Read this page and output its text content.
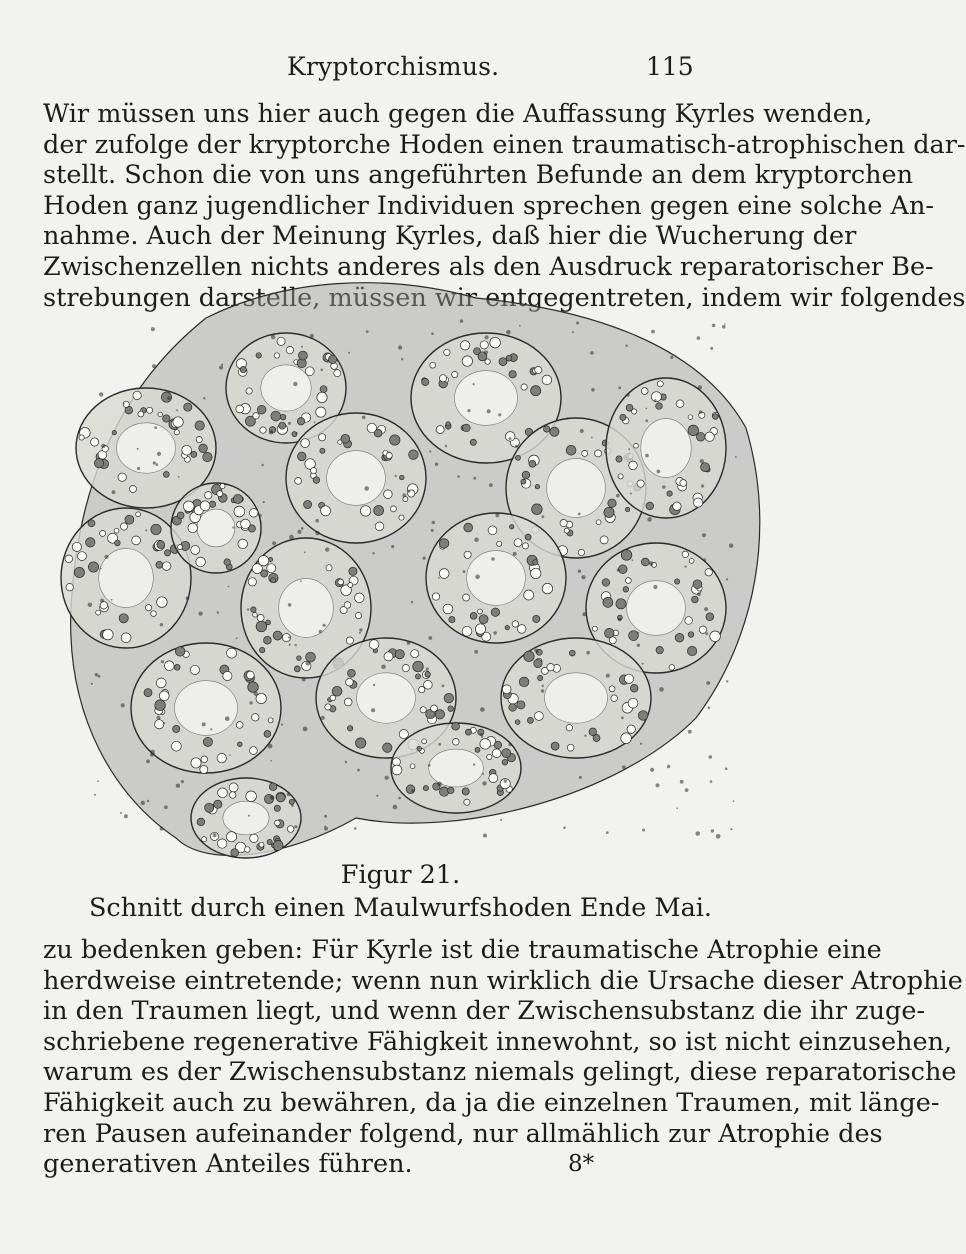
Kryptorchismus.	115

Wir müssen uns hier auch gegen die Auffassung Kyrles wenden,
der zufolge der kryptorche Hoden einen traumatisch-atrophischen dar-
stellt. Schon die von uns angeführten Befunde an dem kryptorchen
Hoden ganz jugendlicher Individuen sprechen gegen eine solche An-
nahme. Auch der Meinung Kyrles, daß hier die Wucherung der
Zwischenzellen nichts anderes als den Ausdruck reparatorischer Be-
strebungen darstelle, müssen wir entgegentreten, indem wir folgendes

Figur 21.
Schnitt durch einen Maulwurfshoden Ende Mai.

zu bedenken geben: Für Kyrle ist die traumatische Atrophie eine
herdweise eintretende; wenn nun wirklich die Ursache dieser Atrophie
in den Traumen liegt, und wenn der Zwischensubstanz die ihr zuge-
schriebene regenerative Fähigkeit innewohnt, so ist nicht einzusehen,
warum es der Zwischensubstanz niemals gelingt, diese reparatorische
Fähigkeit auch zu bewähren, da ja die einzelnen Traumen, mit länge-
ren Pausen aufeinander folgend, nur allmählich zur Atrophie des
generativen Anteiles führen.	8*
